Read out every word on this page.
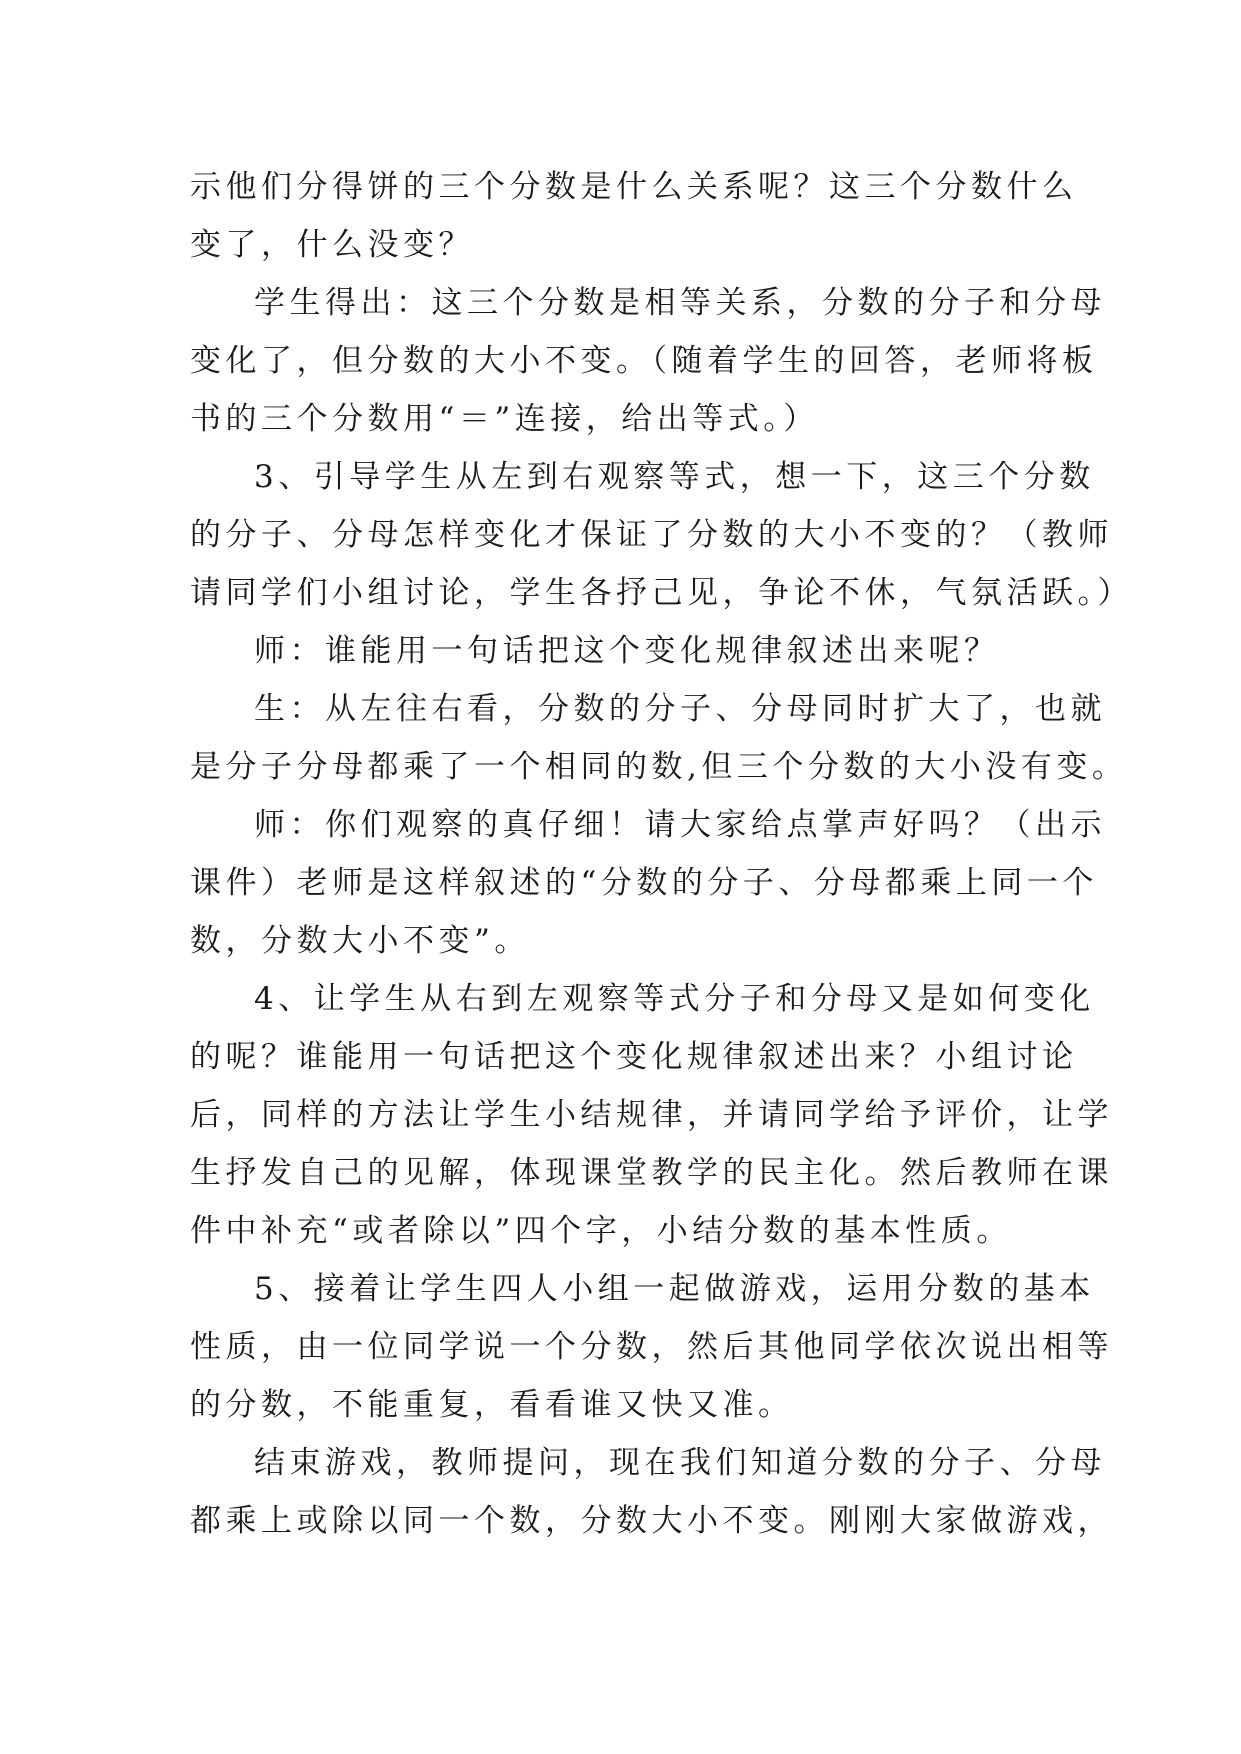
示他们分得饼的三个分数是什么关系呢？这三个分数什么
变了，什么没变？
学生得出：这三个分数是相等关系，分数的分子和分母
变化了，但分数的大小不变。（随着学生的回答，老师将板
书的三个分数用“＝”连接，给出等式。）
3、引导学生从左到右观察等式，想一下，这三个分数
的分子、分母怎样变化才保证了分数的大小不变的？（教师
请同学们小组讨论，学生各抒己见，争论不休，气氛活跃。）
师：谁能用一句话把这个变化规律叙述出来呢？
生：从左往右看，分数的分子、分母同时扩大了，也就
是分子分母都乘了一个相同的数,但三个分数的大小没有变。
师：你们观察的真仔细！请大家给点掌声好吗？（出示
课件）老师是这样叙述的“分数的分子、分母都乘上同一个
数，分数大小不变”。
4、让学生从右到左观察等式分子和分母又是如何变化
的呢？谁能用一句话把这个变化规律叙述出来？小组讨论
后，同样的方法让学生小结规律，并请同学给予评价，让学
生抒发自己的见解，体现课堂教学的民主化。然后教师在课
件中补充“或者除以”四个字，小结分数的基本性质。
5、接着让学生四人小组一起做游戏，运用分数的基本
性质，由一位同学说一个分数，然后其他同学依次说出相等
的分数，不能重复，看看谁又快又准。
结束游戏，教师提问，现在我们知道分数的分子、分母
都乘上或除以同一个数，分数大小不变。刚刚大家做游戏，
